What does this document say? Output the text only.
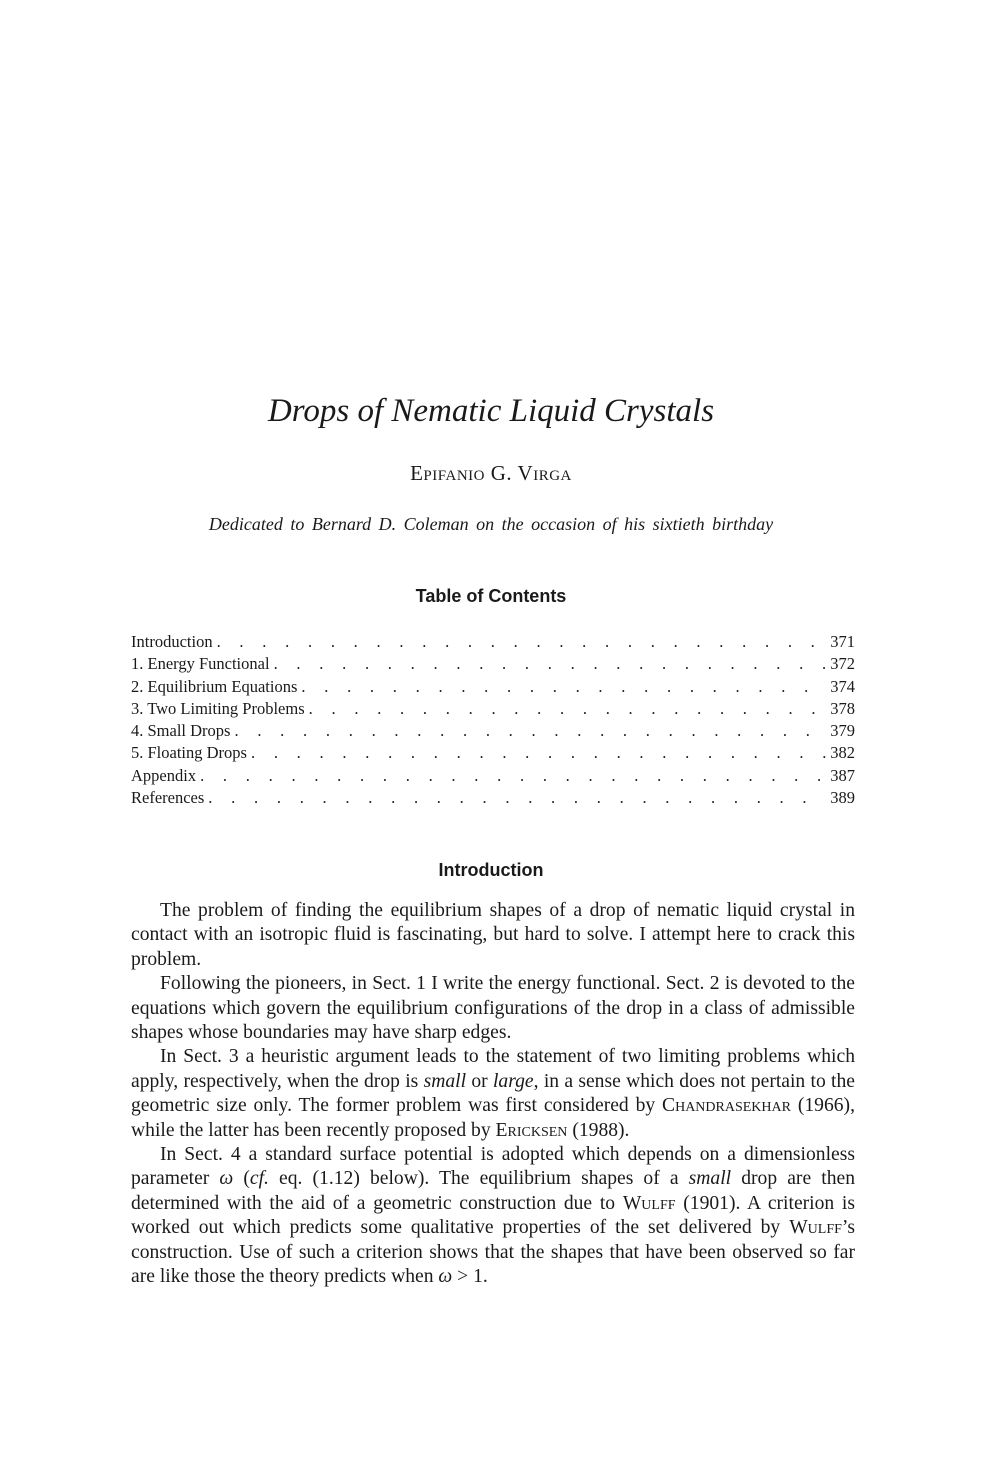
Drops of Nematic Liquid Crystals
Epifanio G. Virga
Dedicated to Bernard D. Coleman on the occasion of his sixtieth birthday
Table of Contents
Introduction . . .	371
1. Energy Functional . . .	372
2. Equilibrium Equations . . .	374
3. Two Limiting Problems . . .	378
4. Small Drops . . .	379
5. Floating Drops . . .	382
Appendix . . .	387
References . . .	389
Introduction

The problem of finding the equilibrium shapes of a drop of nematic liquid crystal in contact with an isotropic fluid is fascinating, but hard to solve. I attempt here to crack this problem.

Following the pioneers, in Sect. 1 I write the energy functional. Sect. 2 is devoted to the equations which govern the equilibrium configurations of the drop in a class of admissible shapes whose boundaries may have sharp edges.

In Sect. 3 a heuristic argument leads to the statement of two limiting problems which apply, respectively, when the drop is small or large, in a sense which does not pertain to the geometric size only. The former problem was first considered by Chandrasekhar (1966), while the latter has been recently proposed by Ericksen (1988).

In Sect. 4 a standard surface potential is adopted which depends on a dimensionless parameter ω (cf. eq. (1.12) below). The equilibrium shapes of a small drop are then determined with the aid of a geometric construction due to Wulff (1901). A criterion is worked out which predicts some qualitative properties of the set delivered by Wulff’s construction. Use of such a criterion shows that the shapes that have been observed so far are like those the theory predicts when ω > 1.
